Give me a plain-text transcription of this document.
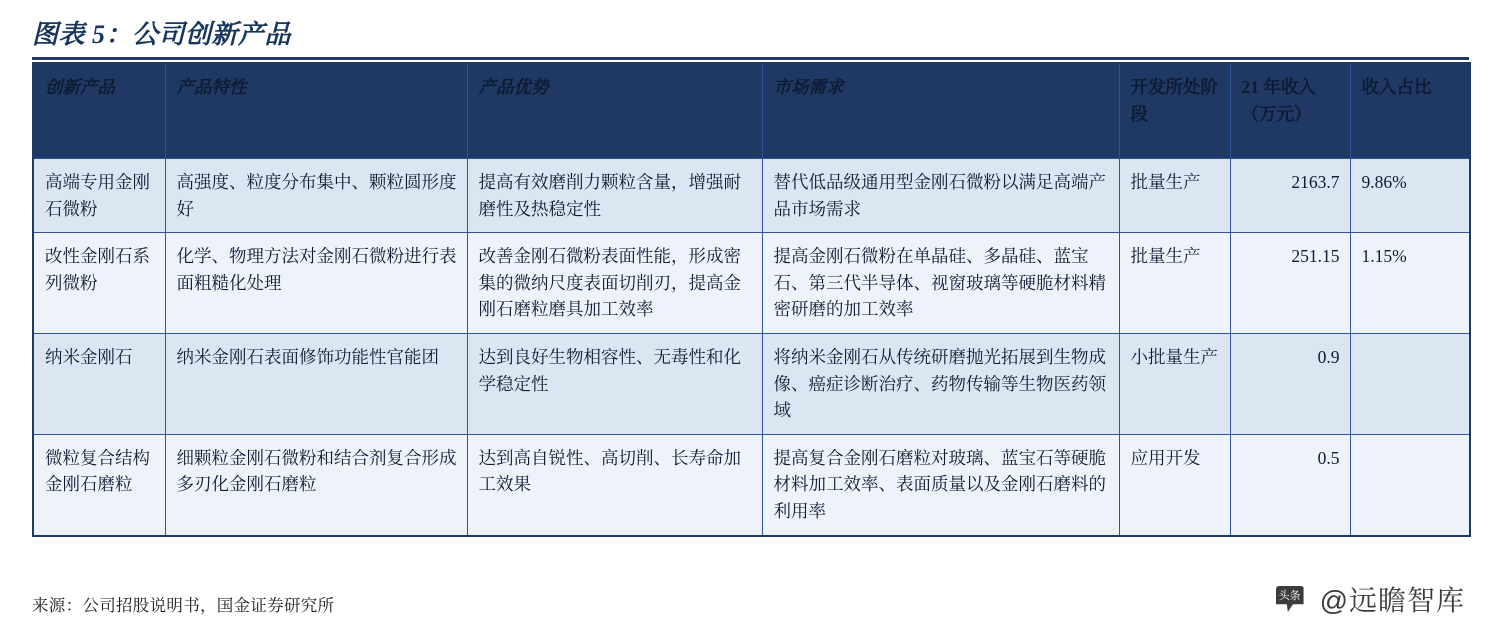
图表 5：公司创新产品
创新产品	产品特性	产品优势	市场需求	开发所处阶段	21 年收入（万元）	收入占比
高端专用金刚石微粉	高强度、粒度分布集中、颗粒圆形度好	提高有效磨削力颗粒含量，增强耐磨性及热稳定性	替代低品级通用型金刚石微粉以满足高端产品市场需求	批量生产	2163.7	9.86%
改性金刚石系列微粉	化学、物理方法对金刚石微粉进行表面粗糙化处理	改善金刚石微粉表面性能，形成密集的微纳尺度表面切削刃，提高金刚石磨粒磨具加工效率	提高金刚石微粉在单晶硅、多晶硅、蓝宝石、第三代半导体、视窗玻璃等硬脆材料精密研磨的加工效率	批量生产	251.15	1.15%
纳米金刚石	纳米金刚石表面修饰功能性官能团	达到良好生物相容性、无毒性和化学稳定性	将纳米金刚石从传统研磨抛光拓展到生物成像、癌症诊断治疗、药物传输等生物医药领域	小批量生产	0.9	
微粒复合结构金刚石磨粒	细颗粒金刚石微粉和结合剂复合形成多刃化金刚石磨粒	达到高自锐性、高切削、长寿命加工效果	提高复合金刚石磨粒对玻璃、蓝宝石等硬脆材料加工效率、表面质量以及金刚石磨料的利用率	应用开发	0.5	
来源：公司招股说明书，国金证券研究所 头条	@远瞻智库
